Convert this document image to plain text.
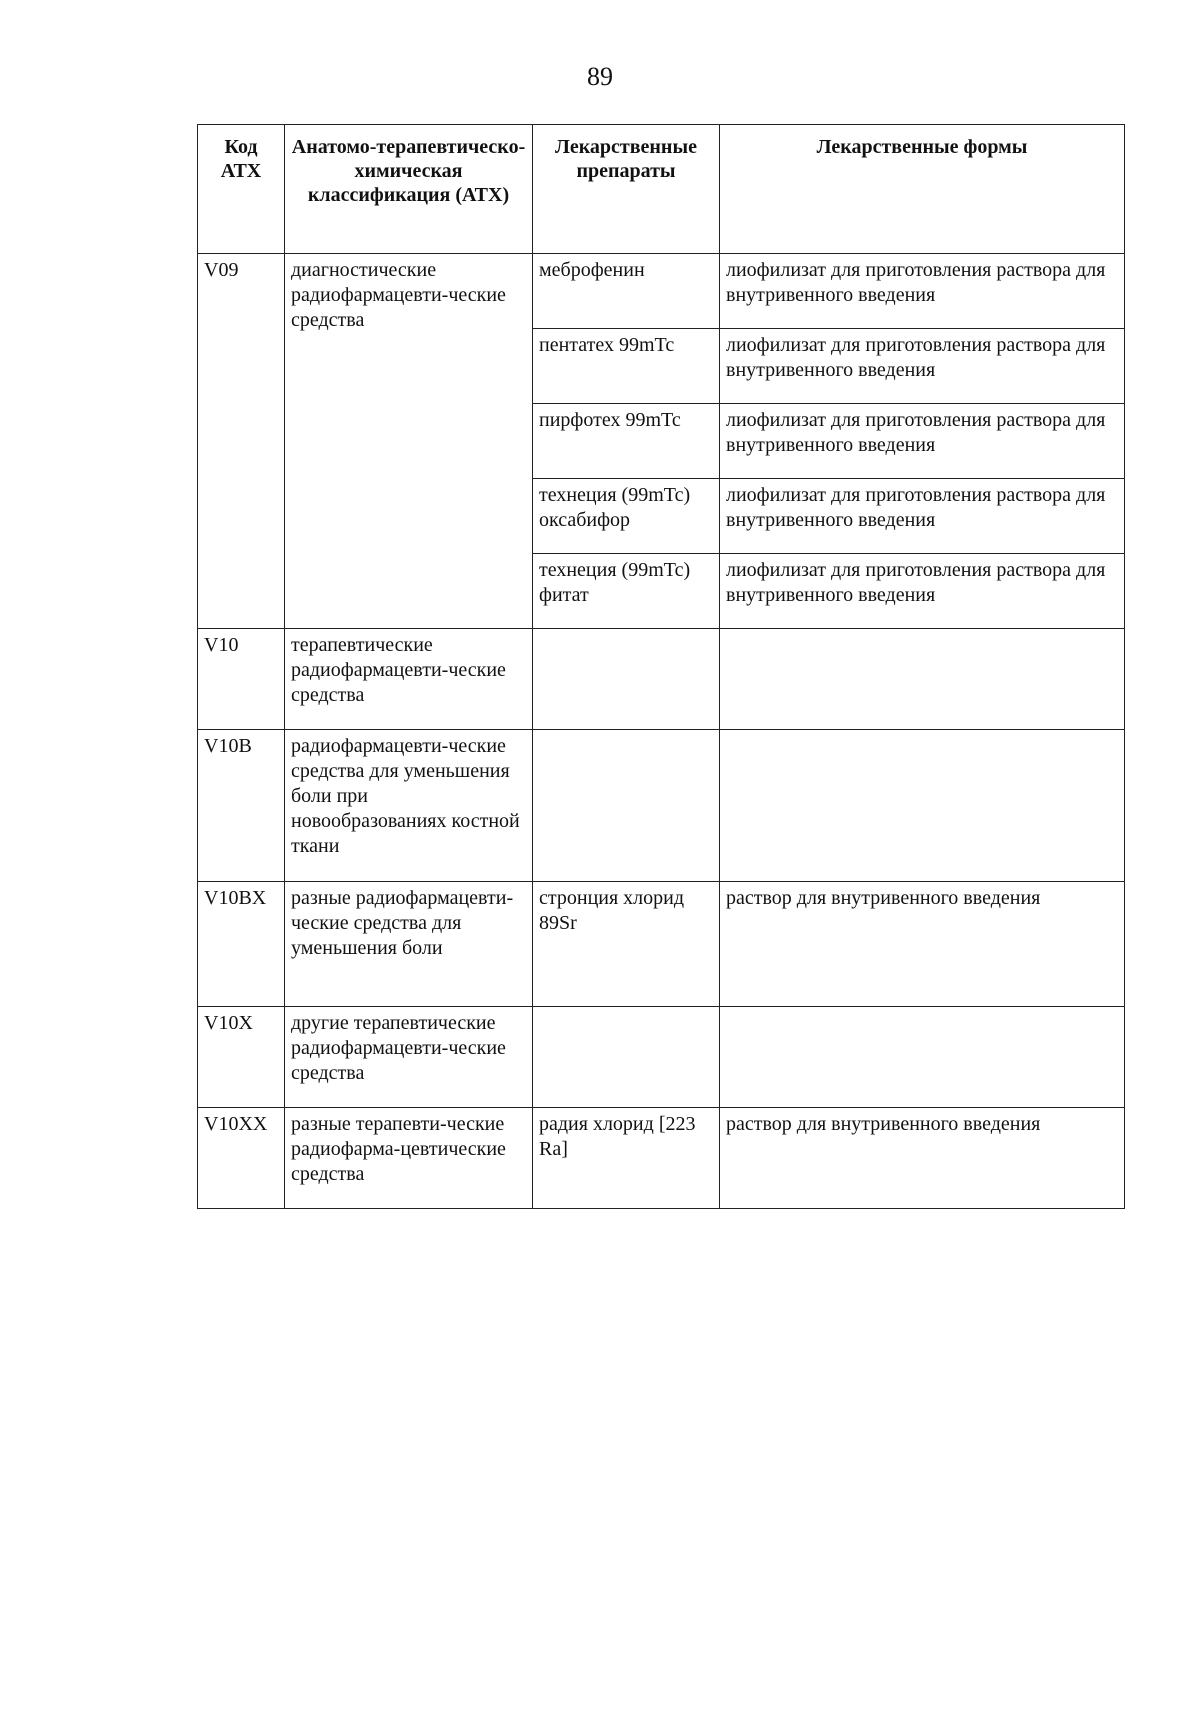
89
Код АТХ	Анатомо-терапевтическо-химическая классификация (АТХ)	Лекарственные препараты	Лекарственные формы
V09	диагностические радиофармацевти-ческие средства	меброфенин	лиофилизат для приготовления раствора для внутривенного введения
		пентатех 99mTc	лиофилизат для приготовления раствора для внутривенного введения
		пирфотех 99mTc	лиофилизат для приготовления раствора для внутривенного введения
		технеция (99mTc) оксабифор	лиофилизат для приготовления раствора для внутривенного введения
		технеция (99mTc) фитат	лиофилизат для приготовления раствора для внутривенного введения
V10	терапевтические радиофармацевти-ческие средства		
V10B	радиофармацевти-ческие средства для уменьшения боли при новообразованиях костной ткани		
V10BX	разные радиофармацевти-ческие средства для уменьшения боли	стронция хлорид 89Sr	раствор для внутривенного введения
V10X	другие терапевтические радиофармацевти-ческие средства		
V10XX	разные терапевти-ческие радиофарма-цевтические средства	радия хлорид [223 Ra]	раствор для внутривенного введения
